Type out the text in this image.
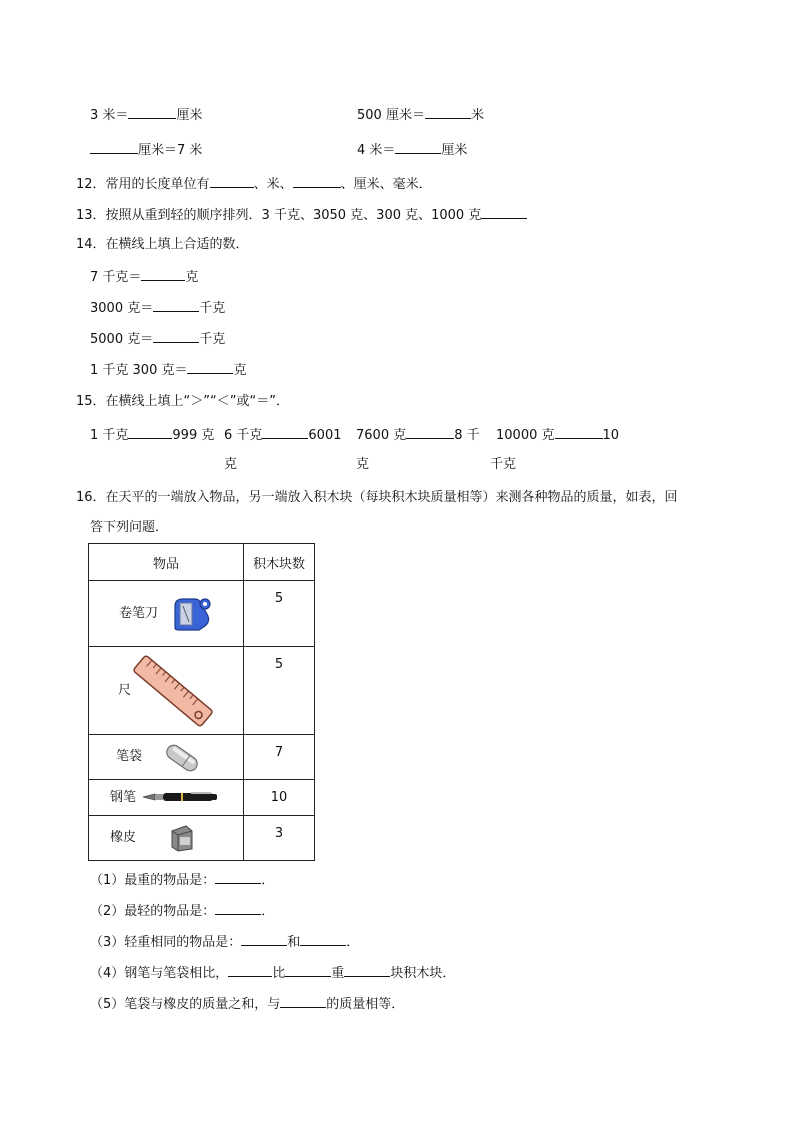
3 米＝	厘米	500 厘米＝	米
厘米＝7 米	4 米＝	厘米
12．常用的长度单位有	、米、	、厘米、毫米．
13．按照从重到轻的顺序排列．3 千克、3050 克、300 克、1000 克
14．在横线上填上合适的数．
7 千克＝	克
3000 克＝	千克
5000 克＝	千克
1 千克 300 克＝	克
15．在横线上填上“＞”“＜”或“＝”．
1 千克	999 克 6 千克	6001 7600 克	8 千 10000 克	10
克	克	千克
16．在天平的一端放入物品，另一端放入积木块（每块积木块质量相等）来测各种物品的质量，如表，回
答下列问题．
物品	积木块数

卷笔刀	5

尺	5

笔袋	7

钢笔	10

橡皮	3
（1）最重的物品是：	．
（2）最轻的物品是：	．
（3）轻重相同的物品是：	和	．
（4）钢笔与笔袋相比，	比	重	块积木块．
（5）笔袋与橡皮的质量之和，与	的质量相等．
